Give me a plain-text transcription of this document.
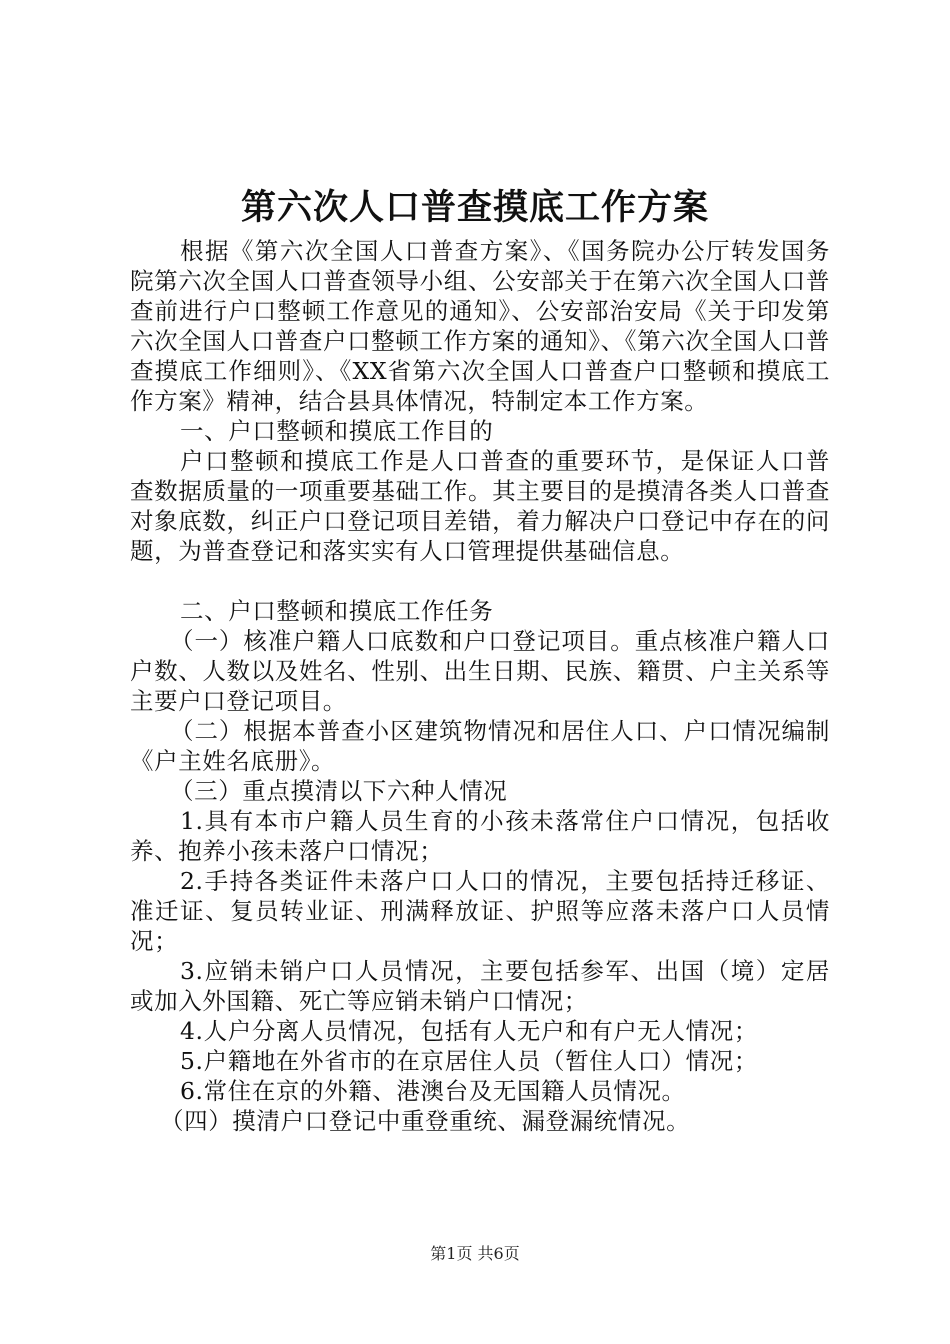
第六次人口普查摸底工作方案

根据《第六次全国人口普查方案》、《国务院办公厅转发国务院第六次全国人口普查领导小组、公安部关于在第六次全国人口普查前进行户口整顿工作意见的通知》、公安部治安局《关于印发第六次全国人口普查户口整顿工作方案的通知》、《第六次全国人口普查摸底工作细则》、《XX省第六次全国人口普查户口整顿和摸底工作方案》精神，结合县具体情况，特制定本工作方案。

一、户口整顿和摸底工作目的

户口整顿和摸底工作是人口普查的重要环节，是保证人口普查数据质量的一项重要基础工作。其主要目的是摸清各类人口普查对象底数，纠正户口登记项目差错，着力解决户口登记中存在的问题，为普查登记和落实实有人口管理提供基础信息。

二、户口整顿和摸底工作任务

（一）核准户籍人口底数和户口登记项目。重点核准户籍人口户数、人数以及姓名、性别、出生日期、民族、籍贯、户主关系等主要户口登记项目。

（二）根据本普查小区建筑物情况和居住人口、户口情况编制《户主姓名底册》。

（三）重点摸清以下六种人情况

1.具有本市户籍人员生育的小孩未落常住户口情况，包括收养、抱养小孩未落户口情况；

2.手持各类证件未落户口人口的情况，主要包括持迁移证、准迁证、复员转业证、刑满释放证、护照等应落未落户口人员情况；

3.应销未销户口人员情况，主要包括参军、出国（境）定居或加入外国籍、死亡等应销未销户口情况；

4.人户分离人员情况，包括有人无户和有户无人情况；

5.户籍地在外省市的在京居住人员（暂住人口）情况；

6.常住在京的外籍、港澳台及无国籍人员情况。

（四）摸清户口登记中重登重统、漏登漏统情况。

第1页 共6页
